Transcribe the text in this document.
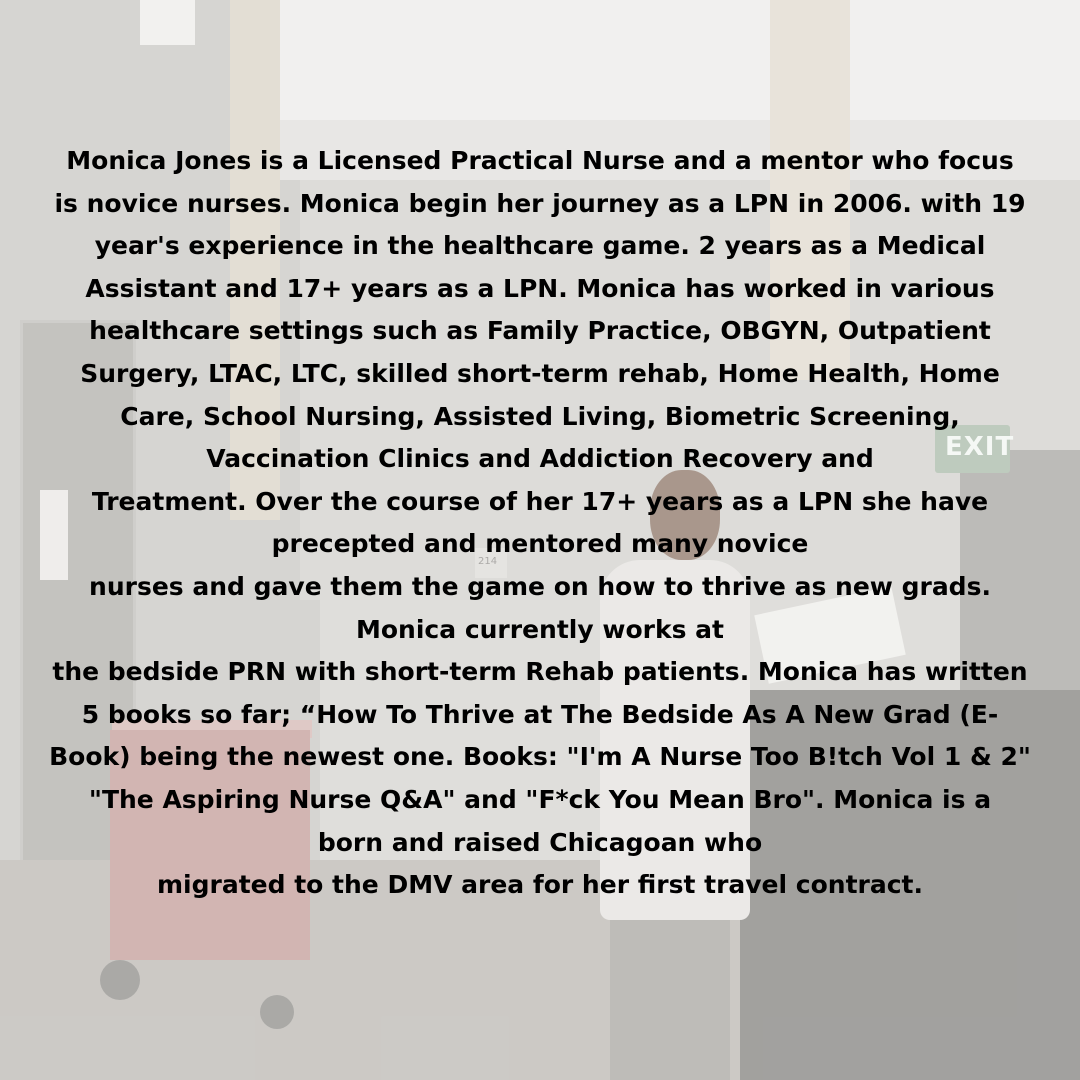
214
EXIT

Monica Jones is a Licensed Practical Nurse and a mentor who focus
is novice nurses. Monica begin her journey as a LPN in 2006. with 19
year's experience in the healthcare game. 2 years as a Medical
Assistant and 17+ years as a LPN. Monica has worked in various
healthcare settings such as Family Practice, OBGYN, Outpatient
Surgery, LTAC, LTC, skilled short-term rehab, Home Health, Home
Care, School Nursing, Assisted Living, Biometric Screening,
Vaccination Clinics and Addiction Recovery and
Treatment. Over the course of her 17+ years as a LPN she have
precepted and mentored many novice
nurses and gave them the game on how to thrive as new grads.
Monica currently works at
the bedside PRN with short-term Rehab patients. Monica has written
5 books so far; “How To Thrive at The Bedside As A New Grad (E-
Book) being the newest one. Books: "I'm A Nurse Too B!tch Vol 1 & 2"
"The Aspiring Nurse Q&A" and "F*ck You Mean Bro". Monica is a
born and raised Chicagoan who
migrated to the DMV area for her first travel contract.
